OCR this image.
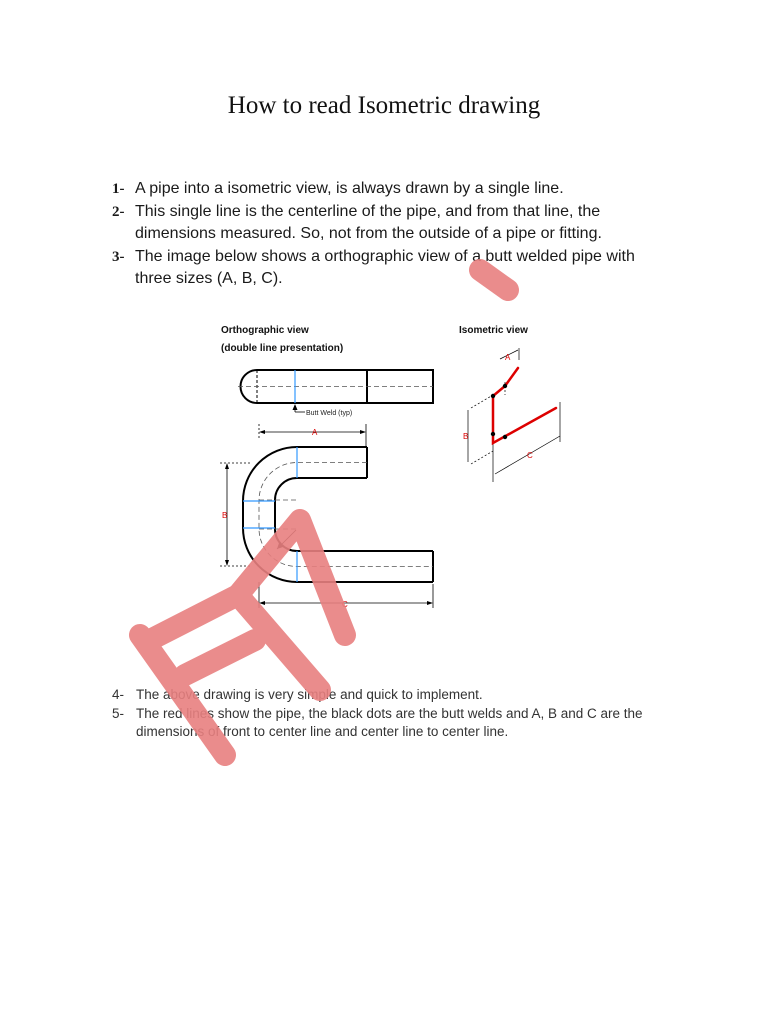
How to read Isometric drawing
1- A pipe into a isometric view, is always drawn by a single line.
2- This single line is the centerline of the pipe, and from that line, the dimensions measured. So, not from the outside of a pipe or fitting.
3- The image below shows a orthographic view of a butt welded pipe with three sizes (A, B, C).
Orthographic view
(double line presentation)
Isometric view
Butt Weld (typ)
A
B
C
A
B
C
4- The above drawing is very simple and quick to implement.
5- The red lines show the pipe, the black dots are the butt welds and A, B and C are the dimensions of front to center line and center line to center line.
